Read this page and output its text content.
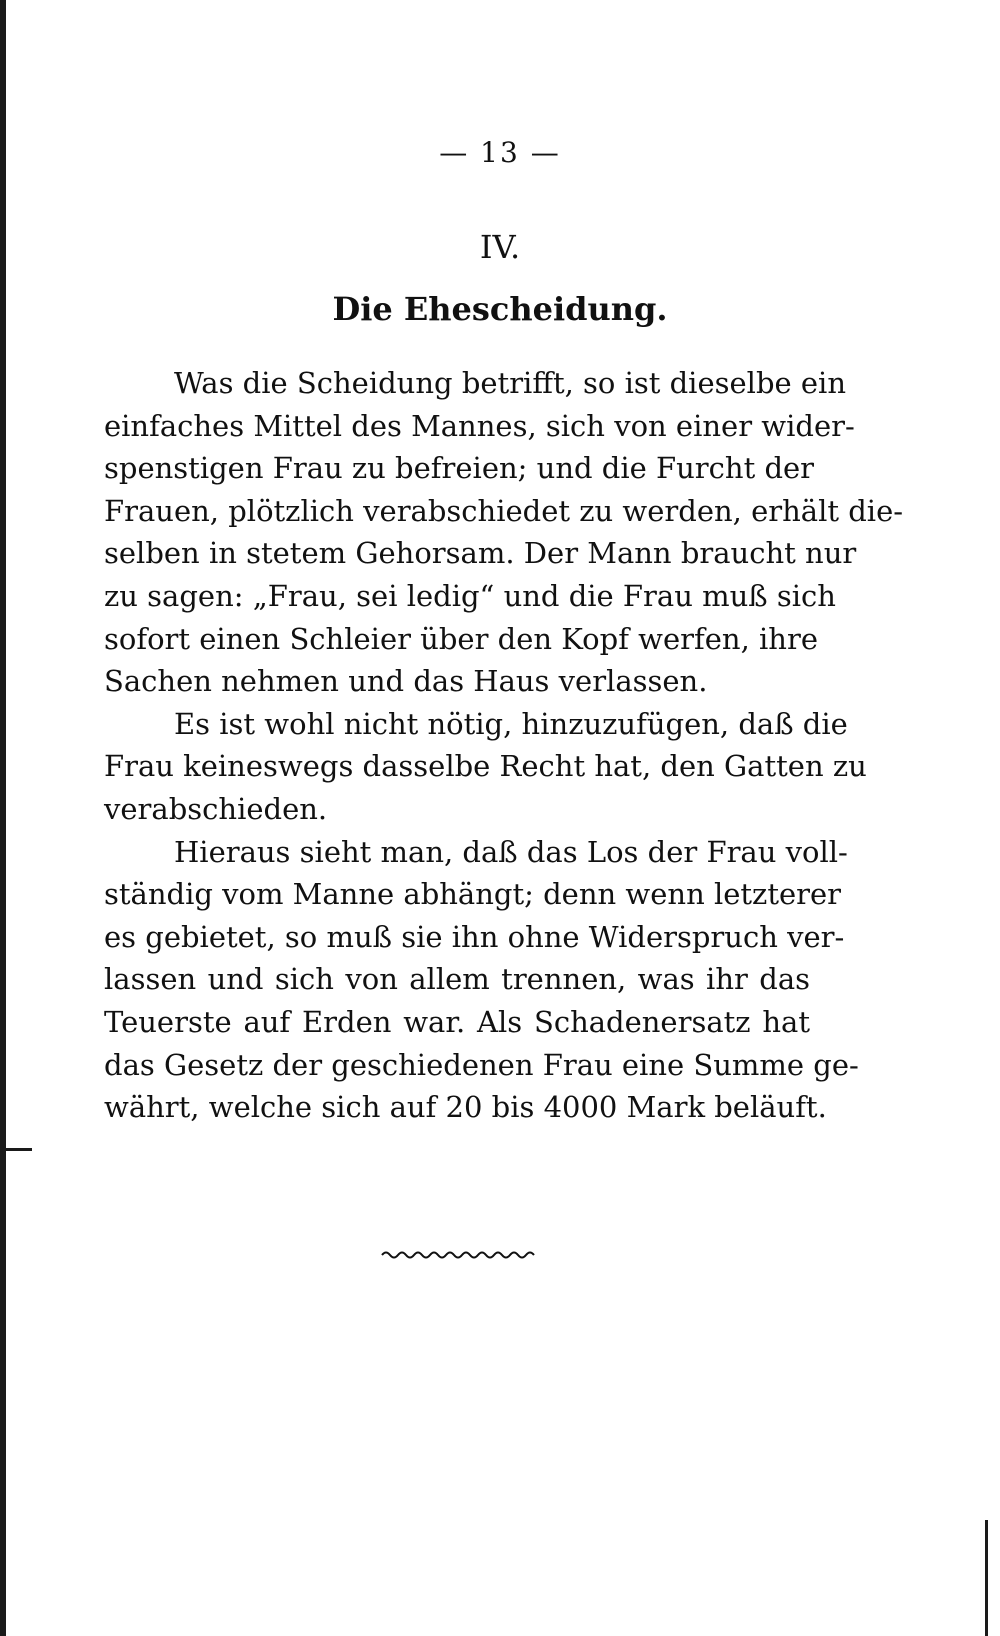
— 13 —
IV.
Die Ehescheidung.
Was die Scheidung betrifft, so ist dieselbe ein
einfaches Mittel des Mannes, sich von einer wider-
spenstigen Frau zu befreien; und die Furcht der
Frauen, plötzlich verabschiedet zu werden, erhält die-
selben in stetem Gehorsam. Der Mann braucht nur
zu sagen: „Frau, sei ledig“ und die Frau muß sich
sofort einen Schleier über den Kopf werfen, ihre
Sachen nehmen und das Haus verlassen.
Es ist wohl nicht nötig, hinzuzufügen, daß die
Frau keineswegs dasselbe Recht hat, den Gatten zu
verabschieden.
Hieraus sieht man, daß das Los der Frau voll-
ständig vom Manne abhängt; denn wenn letzterer
es gebietet, so muß sie ihn ohne Widerspruch ver-
lassen und sich von allem trennen, was ihr das
Teuerste auf Erden war. Als Schadenersatz hat
das Gesetz der geschiedenen Frau eine Summe ge-
währt, welche sich auf 20 bis 4000 Mark beläuft.
